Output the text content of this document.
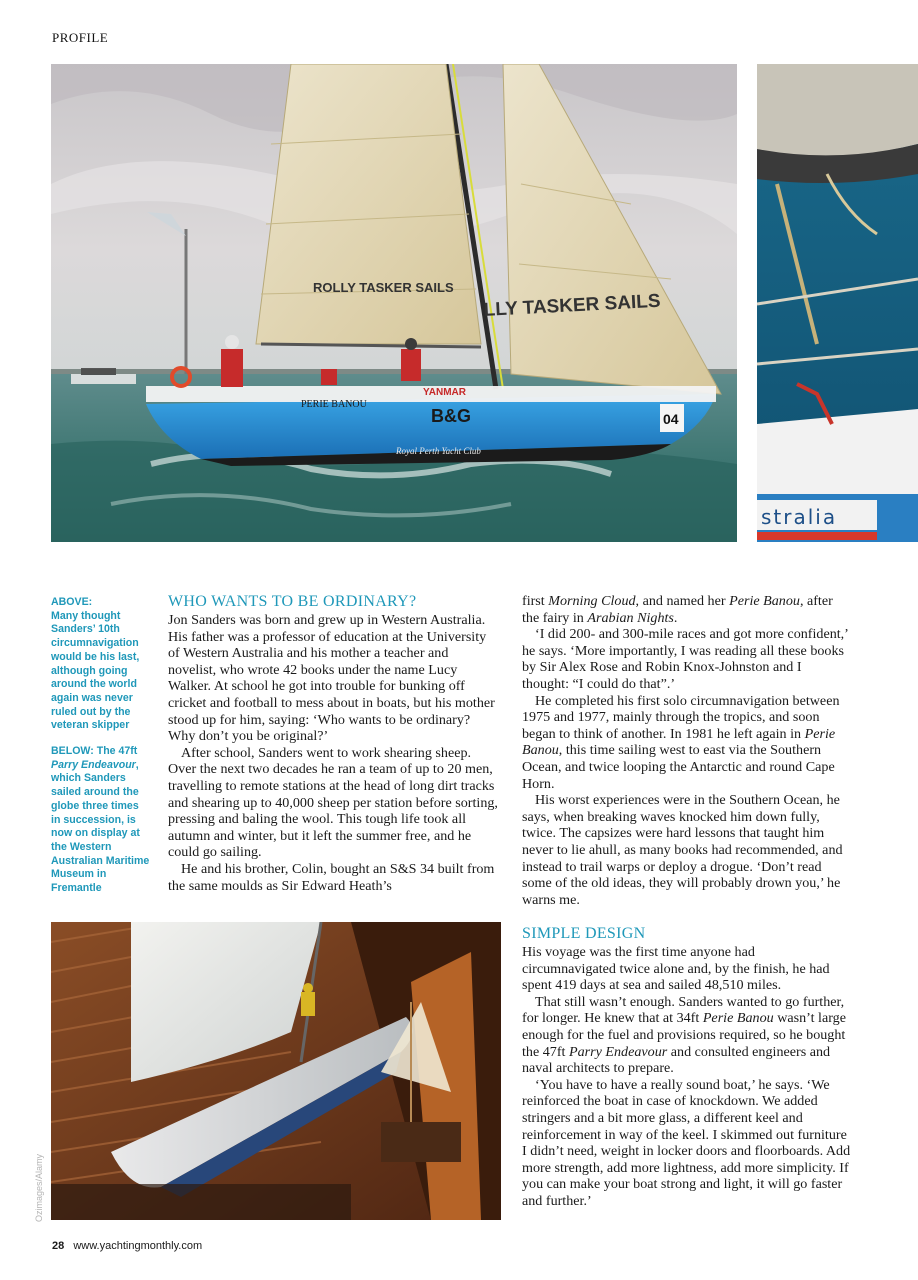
PROFILE
ROLLY TASKER SAILS
LLY TASKER SAILS
B&G
PERIE BANOU
YANMAR
Royal Perth Yacht Club
04
stralia

ABOVE:
Many thought Sanders’ 10th circumnavigation would be his last, although going around the world again was never ruled out by the veteran skipper

BELOW: The 47ft Parry Endeavour, which Sanders sailed around the globe three times in succession, is now on display at the Western Australian Maritime Museum in Fremantle

WHO WANTS TO BE ORDINARY?

Jon Sanders was born and grew up in Western Australia. His father was a professor of education at the University of Western Australia and his mother a teacher and novelist, who wrote 42 books under the name Lucy Walker. At school he got into trouble for bunking off cricket and football to mess about in boats, but his mother stood up for him, saying: ‘Who wants to be ordinary? Why don’t you be original?’

After school, Sanders went to work shearing sheep. Over the next two decades he ran a team of up to 20 men, travelling to remote stations at the head of long dirt tracks and shearing up to 40,000 sheep per station before sorting, pressing and baling the wool. This tough life took all autumn and winter, but it left the summer free, and he could go sailing.

He and his brother, Colin, bought an S&S 34 built from the same moulds as Sir Edward Heath’s

first Morning Cloud, and named her Perie Banou, after the fairy in Arabian Nights.

‘I did 200- and 300-mile races and got more confident,’ he says. ‘More importantly, I was reading all these books by Sir Alex Rose and Robin Knox-Johnston and I thought: “I could do that”.’

He completed his first solo circumnavigation between 1975 and 1977, mainly through the tropics, and soon began to think of another. In 1981 he left again in Perie Banou, this time sailing west to east via the Southern Ocean, and twice looping the Antarctic and round Cape Horn.

His worst experiences were in the Southern Ocean, he says, when breaking waves knocked him down fully, twice. The capsizes were hard lessons that taught him never to lie ahull, as many books had recommended, and instead to trail warps or deploy a drogue. ‘Don’t read some of the old ideas, they will probably drown you,’ he warns me.

SIMPLE DESIGN

His voyage was the first time anyone had circumnavigated twice alone and, by the finish, he had spent 419 days at sea and sailed 48,510 miles.

That still wasn’t enough. Sanders wanted to go further, for longer. He knew that at 34ft Perie Banou wasn’t large enough for the fuel and provisions required, so he bought the 47ft Parry Endeavour and consulted engineers and naval architects to prepare.

‘You have to have a really sound boat,’ he says. ‘We reinforced the boat in case of knockdown. We added stringers and a bit more glass, a different keel and reinforcement in way of the keel. I skimmed out furniture I didn’t need, weight in locker doors and floorboards. Add more strength, add more lightness, add more simplicity. If you can make your boat strong and light, it will go faster and further.’

Ozimages/Alamy
28 www.yachtingmonthly.com
